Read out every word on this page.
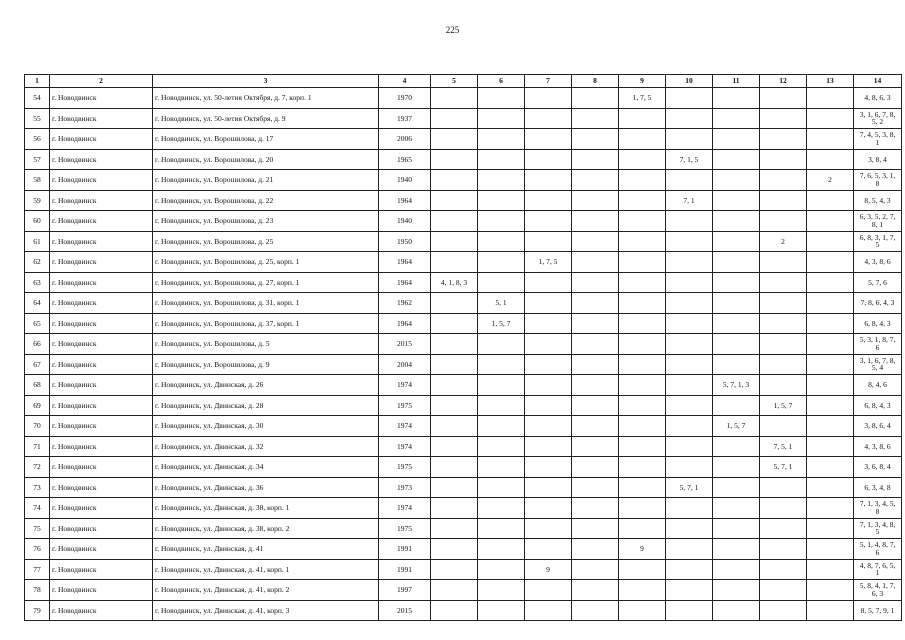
225
1	2	3	4	5	6	7	8	9	10	11	12	13	14
54	г. Новодвинск	г. Новодвинск, ул. 50-летия Октября, д. 7, корп. 1	1970					1, 7, 5					4, 8, 6, 3
55	г. Новодвинск	г. Новодвинск, ул. 50-летия Октября, д. 9	1937										3, 1, 6, 7, 8, 5, 2
56	г. Новодвинск	г. Новодвинск, ул. Ворошилова, д. 17	2006										7, 4, 5, 3, 8, 1
57	г. Новодвинск	г. Новодвинск, ул. Ворошилова, д. 20	1965						7, 1, 5				3, 8, 4
58	г. Новодвинск	г. Новодвинск, ул. Ворошилова, д. 21	1940									2	7, 6, 5, 3, 1, 8
59	г. Новодвинск	г. Новодвинск, ул. Ворошилова, д. 22	1964						7, 1				8, 5, 4, 3
60	г. Новодвинск	г. Новодвинск, ул. Ворошилова, д. 23	1940										6, 3, 5, 2, 7, 8, 1
61	г. Новодвинск	г. Новодвинск, ул. Ворошилова, д. 25	1950								2		6, 8, 3, 1, 7, 5
62	г. Новодвинск	г. Новодвинск, ул. Ворошилова, д. 25, корп. 1	1964			1, 7, 5							4, 3, 8, 6
63	г. Новодвинск	г. Новодвинск, ул. Ворошилова, д. 27, корп. 1	1964	4, 1, 8, 3									5, 7, 6
64	г. Новодвинск	г. Новодвинск, ул. Ворошилова, д. 31, корп. 1	1962		5, 1								7, 8, 6, 4, 3
65	г. Новодвинск	г. Новодвинск, ул. Ворошилова, д. 37, корп. 1	1964		1, 5, 7								6, 8, 4, 3
66	г. Новодвинск	г. Новодвинск, ул. Ворошилова, д. 5	2015										5, 3, 1, 8, 7, 6
67	г. Новодвинск	г. Новодвинск, ул. Ворошилова, д. 9	2004										3, 1, 6, 7, 8, 5, 4
68	г. Новодвинск	г. Новодвинск, ул. Двинская, д. 26	1974							5, 7, 1, 3			8, 4, 6
69	г. Новодвинск	г. Новодвинск, ул. Двинская, д. 28	1975								1, 5, 7		6, 8, 4, 3
70	г. Новодвинск	г. Новодвинск, ул. Двинская, д. 30	1974							1, 5, 7			3, 8, 6, 4
71	г. Новодвинск	г. Новодвинск, ул. Двинская, д. 32	1974								7, 5, 1		4, 3, 8, 6
72	г. Новодвинск	г. Новодвинск, ул. Двинская, д. 34	1975								5, 7, 1		3, 6, 8, 4
73	г. Новодвинск	г. Новодвинск, ул. Двинская, д. 36	1973						5, 7, 1				6, 3, 4, 8
74	г. Новодвинск	г. Новодвинск, ул. Двинская, д. 38, корп. 1	1974										7, 1, 3, 4, 5, 8
75	г. Новодвинск	г. Новодвинск, ул. Двинская, д. 38, корп. 2	1975										7, 1, 3, 4, 8, 5
76	г. Новодвинск	г. Новодвинск, ул. Двинская, д. 41	1991					9					5, 1, 4, 8, 7, 6
77	г. Новодвинск	г. Новодвинск, ул. Двинская, д. 41, корп. 1	1991			9							4, 8, 7, 6, 5, 1
78	г. Новодвинск	г. Новодвинск, ул. Двинская, д. 41, корп. 2	1997										5, 8, 4, 1, 7, 6, 3
79	г. Новодвинск	г. Новодвинск, ул. Двинская, д. 41, корп. 3	2015										8, 5, 7, 9, 1
